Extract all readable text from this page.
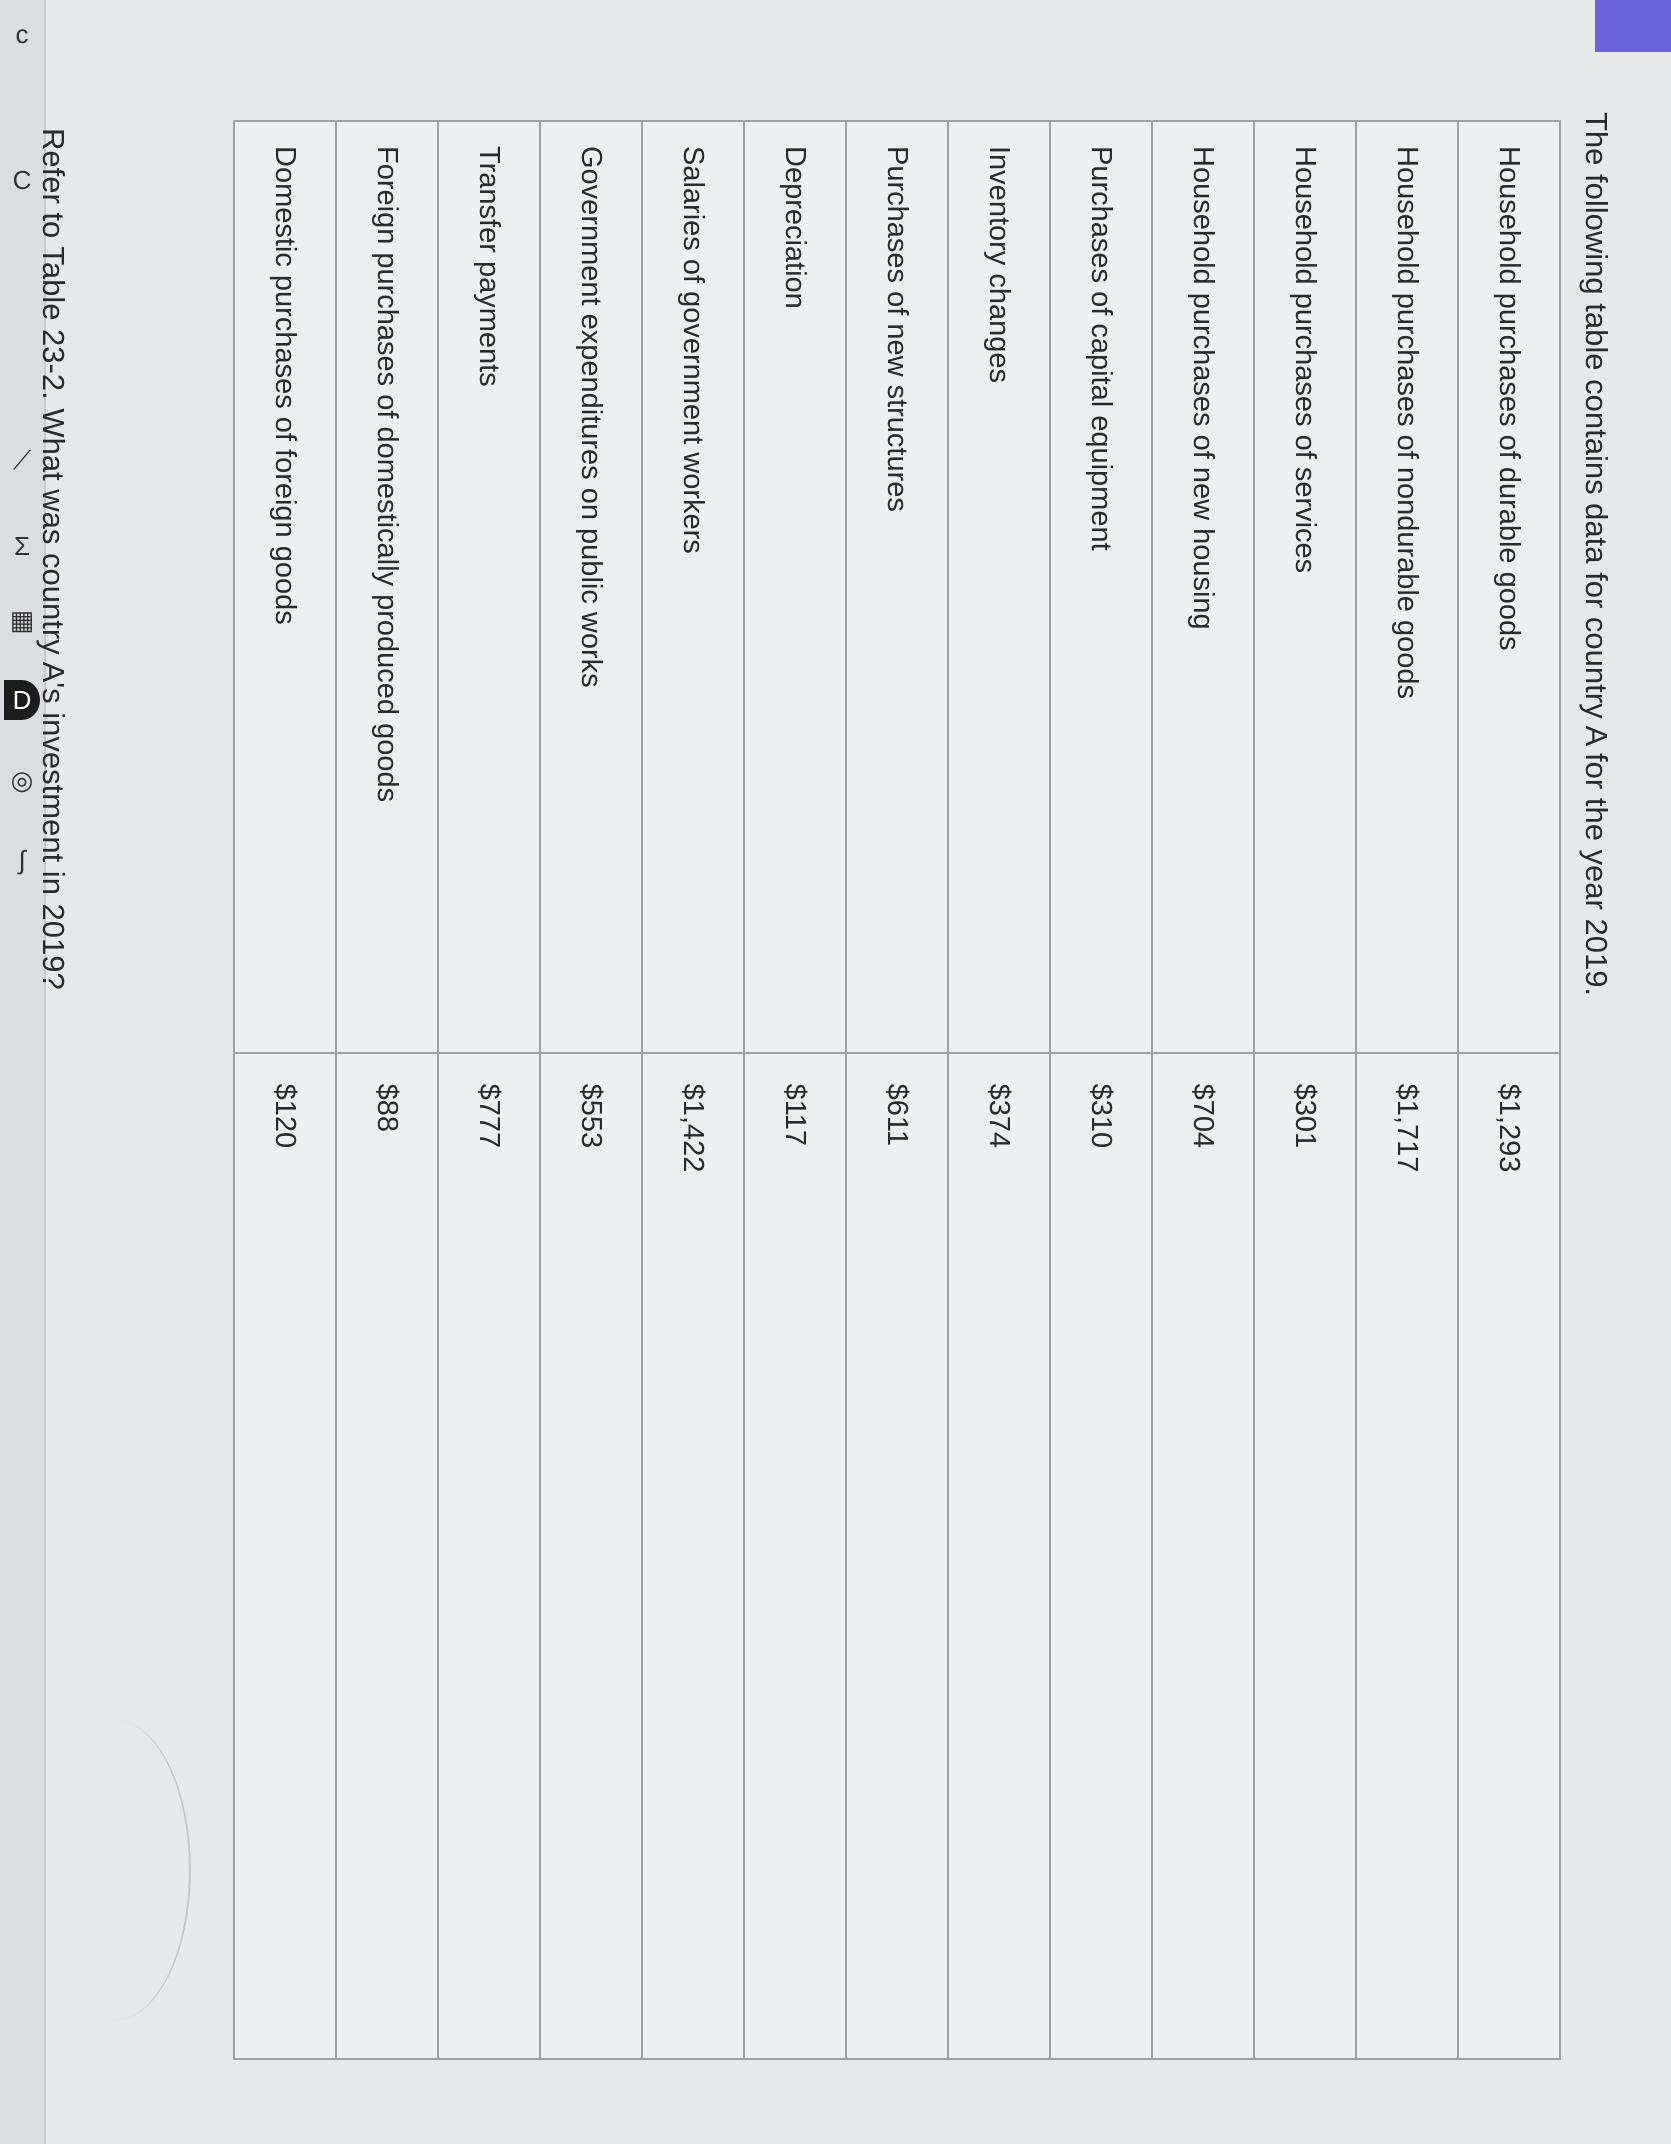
c
C
⟋
Σ
▦
D
◎
∫	The following table contains data for country A for the year 2019.
Household purchases of durable goods	$1,293
Household purchases of nondurable goods	$1,717
Household purchases of services	$301
Household purchases of new housing	$704
Purchases of capital equipment	$310
Inventory changes	$374
Purchases of new structures	$611
Depreciation	$117
Salaries of government workers	$1,422
Government expenditures on public works	$553
Transfer payments	$777
Foreign purchases of domestically produced goods	$88
Domestic purchases of foreign goods	$120
Refer to Table 23-2. What was country A's investment in 2019?
